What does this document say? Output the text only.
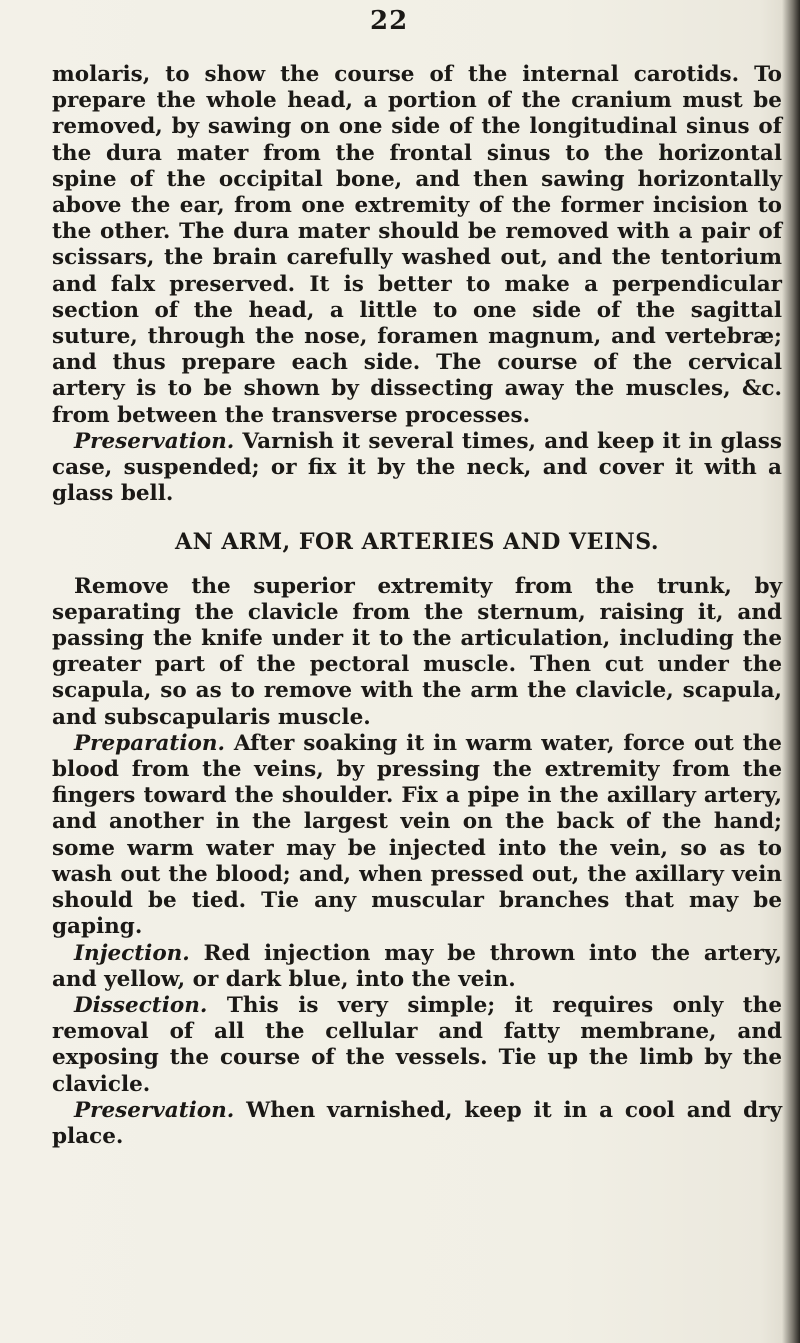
22

molaris, to show the course of the internal carotids. To prepare the whole head, a portion of the cranium must be removed, by sawing on one side of the longitudinal sinus of the dura mater from the frontal sinus to the horizontal spine of the occipital bone, and then sawing horizontally above the ear, from one extremity of the former incision to the other. The dura mater should be removed with a pair of scissars, the brain carefully washed out, and the tentorium and falx preserved. It is better to make a perpendicular section of the head, a little to one side of the sagittal suture, through the nose, foramen magnum, and vertebræ; and thus prepare each side. The course of the cervical artery is to be shown by dissecting away the muscles, &c. from between the transverse processes.

Preservation. Varnish it several times, and keep it in glass case, suspended; or fix it by the neck, and cover it with a glass bell.

AN ARM, FOR ARTERIES AND VEINS.

Remove the superior extremity from the trunk, by separating the clavicle from the sternum, raising it, and passing the knife under it to the articulation, including the greater part of the pectoral muscle. Then cut under the scapula, so as to remove with the arm the clavicle, scapula, and subscapularis muscle.

Preparation. After soaking it in warm water, force out the blood from the veins, by pressing the extremity from the fingers toward the shoulder. Fix a pipe in the axillary artery, and another in the largest vein on the back of the hand; some warm water may be injected into the vein, so as to wash out the blood; and, when pressed out, the axillary vein should be tied. Tie any muscular branches that may be gaping.

Injection. Red injection may be thrown into the artery, and yellow, or dark blue, into the vein.

Dissection. This is very simple; it requires only the removal of all the cellular and fatty membrane, and exposing the course of the vessels. Tie up the limb by the clavicle.

Preservation. When varnished, keep it in a cool and dry place.
